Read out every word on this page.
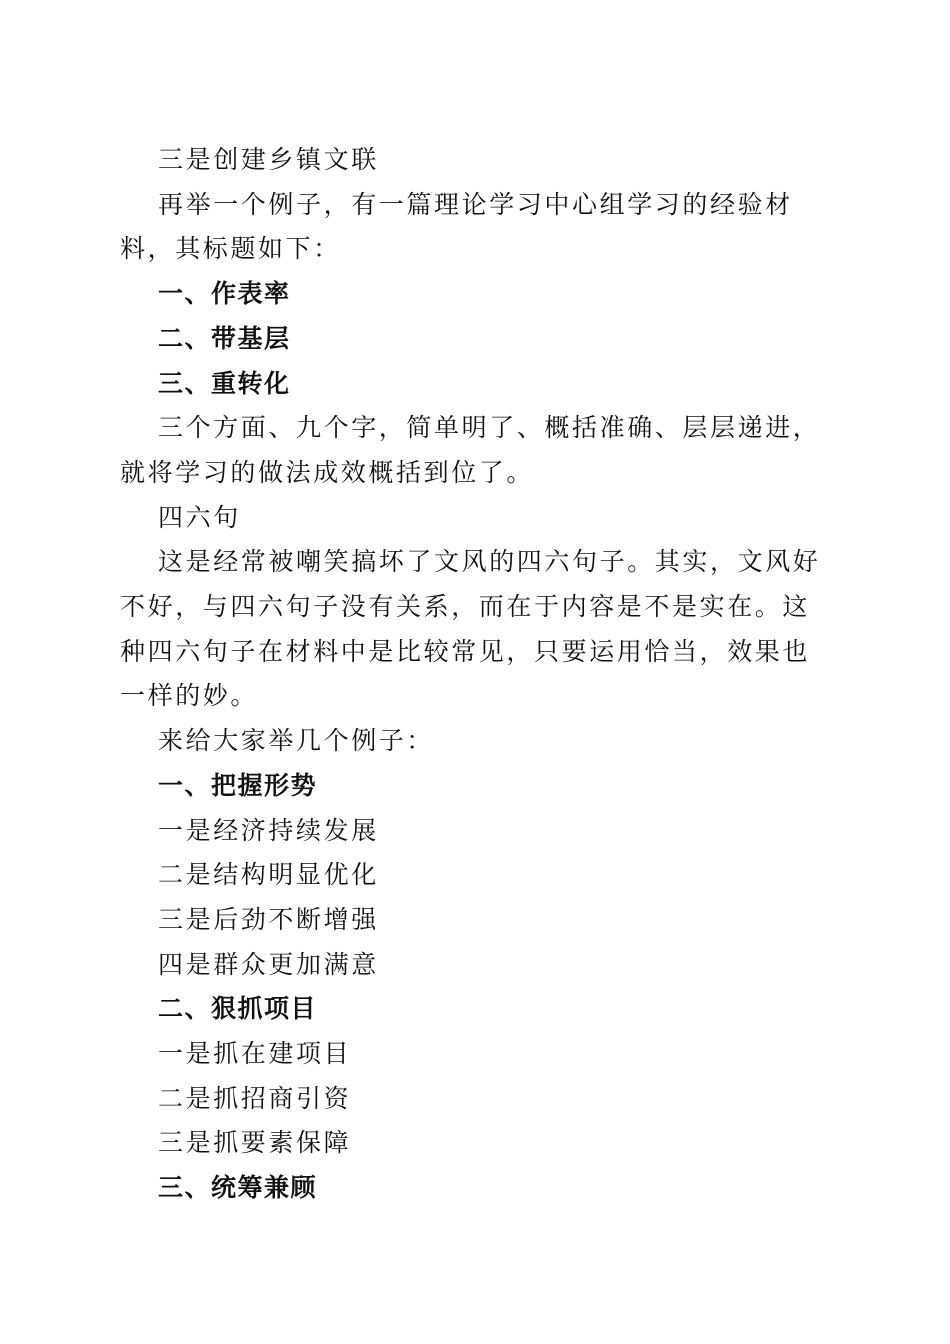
三是创建乡镇文联

再举一个例子，有一篇理论学习中心组学习的经验材料，其标题如下：

一、作表率

二、带基层

三、重转化

三个方面、九个字，简单明了、概括准确、层层递进，就将学习的做法成效概括到位了。

四六句

这是经常被嘲笑搞坏了文风的四六句子。其实，文风好不好，与四六句子没有关系，而在于内容是不是实在。这种四六句子在材料中是比较常见，只要运用恰当，效果也一样的妙。

来给大家举几个例子：

一、把握形势

一是经济持续发展

二是结构明显优化

三是后劲不断增强

四是群众更加满意

二、狠抓项目

一是抓在建项目

二是抓招商引资

三是抓要素保障

三、统筹兼顾
